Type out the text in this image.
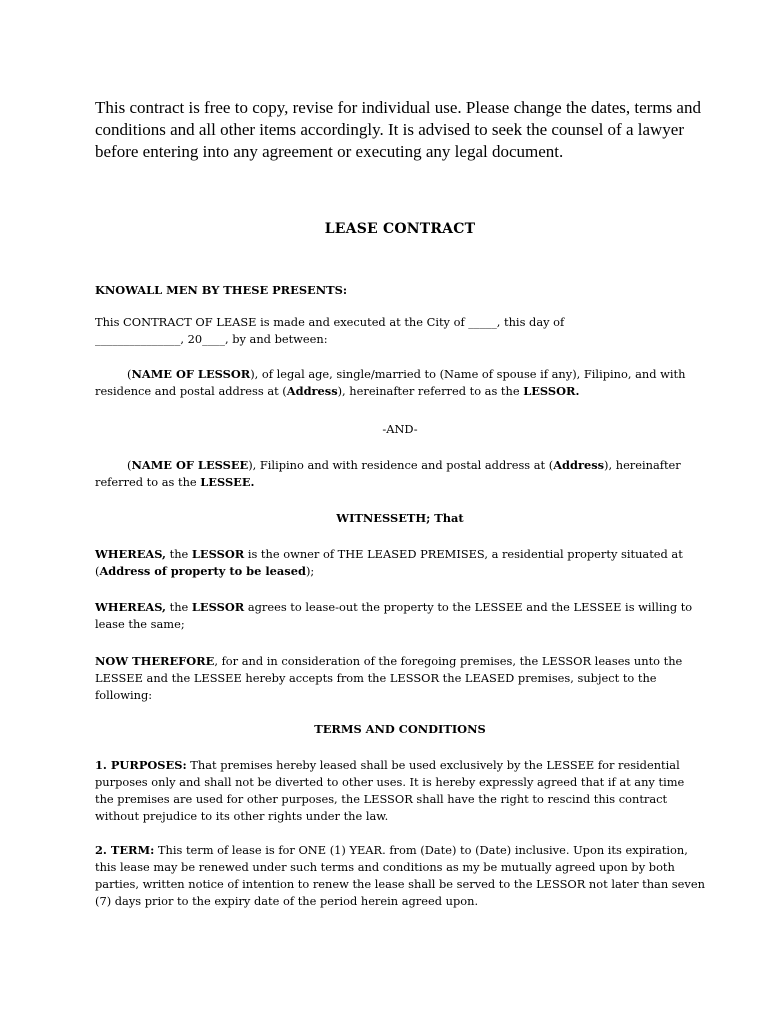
This contract is free to copy, revise for individual use. Please change the dates, terms and conditions and all other items accordingly. It is advised to seek the counsel of a lawyer before entering into any agreement or executing any legal document.

LEASE CONTRACT

KNOWALL MEN BY THESE PRESENTS:

This CONTRACT OF LEASE is made and executed at the City of _____, this day of
_______________, 20____, by and between:

(NAME OF LESSOR), of legal age, single/married to (Name of spouse if any), Filipino, and with residence and postal address at (Address), hereinafter referred to as the LESSOR.

-AND-

(NAME OF LESSEE), Filipino and with residence and postal address at (Address), hereinafter referred to as the LESSEE.

WITNESSETH; That

WHEREAS, the LESSOR is the owner of THE LEASED PREMISES, a residential property situated at (Address of property to be leased);

WHEREAS, the LESSOR agrees to lease-out the property to the LESSEE and the LESSEE is willing to lease the same;

NOW THEREFORE, for and in consideration of the foregoing premises, the LESSOR leases unto the LESSEE and the LESSEE hereby accepts from the LESSOR the LEASED premises, subject to the following:

TERMS AND CONDITIONS

1. PURPOSES: That premises hereby leased shall be used exclusively by the LESSEE for residential purposes only and shall not be diverted to other uses. It is hereby expressly agreed that if at any time the premises are used for other purposes, the LESSOR shall have the right to rescind this contract without prejudice to its other rights under the law.

2. TERM: This term of lease is for ONE (1) YEAR. from (Date) to (Date) inclusive. Upon its expiration, this lease may be renewed under such terms and conditions as my be mutually agreed upon by both parties, written notice of intention to renew the lease shall be served to the LESSOR not later than seven (7) days prior to the expiry date of the period herein agreed upon.
